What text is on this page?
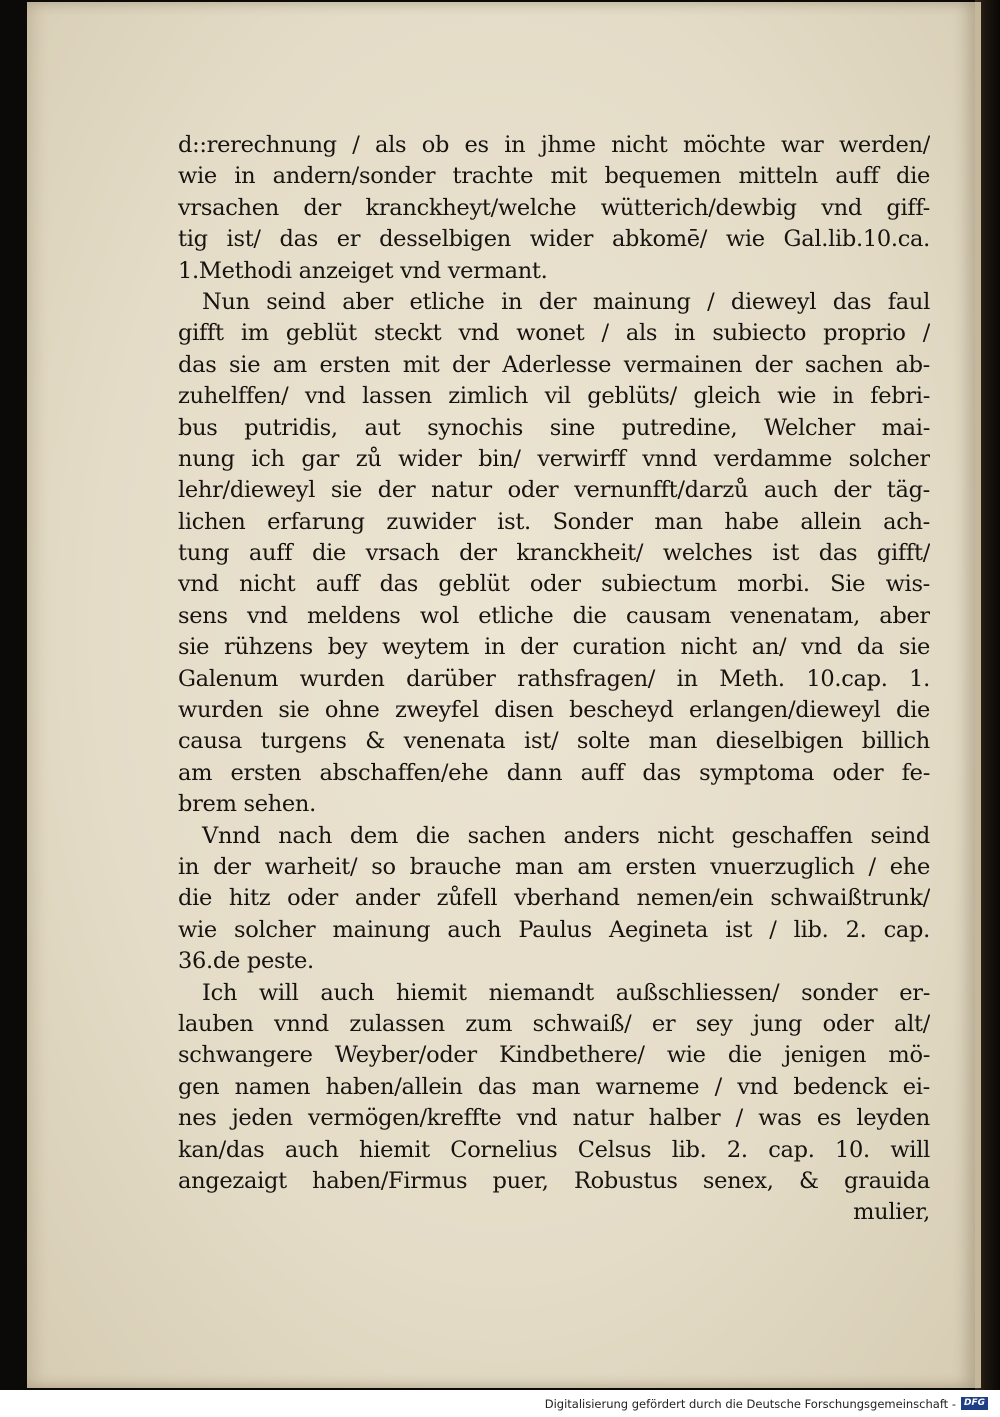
d::rerechnung / als ob es in jhme nicht möchte war werden/
wie in andern/sonder trachte mit bequemen mitteln auff die
vrsachen der kranckheyt/welche wütterich/dewbig vnd giff-
tig ist/ das er desselbigen wider abkomē/ wie Gal.lib.10.ca.
1.Methodi anzeiget vnd vermant.
Nun seind aber etliche in der mainung / dieweyl das faul
gifft im geblüt steckt vnd wonet / als in subiecto proprio /
das sie am ersten mit der Aderlesse vermainen der sachen ab-
zuhelffen/ vnd lassen zimlich vil geblüts/ gleich wie in febri-
bus putridis, aut synochis sine putredine, Welcher mai-
nung ich gar zů wider bin/ verwirff vnnd verdamme solcher
lehr/dieweyl sie der natur oder vernunfft/darzů auch der täg-
lichen erfarung zuwider ist. Sonder man habe allein ach-
tung auff die vrsach der kranckheit/ welches ist das gifft/
vnd nicht auff das geblüt oder subiectum morbi. Sie wis-
sens vnd meldens wol etliche die causam venenatam, aber
sie rühzens bey weytem in der curation nicht an/ vnd da sie
Galenum wurden darüber rathsfragen/ in Meth. 10.cap. 1.
wurden sie ohne zweyfel disen bescheyd erlangen/dieweyl die
causa turgens & venenata ist/ solte man dieselbigen billich
am ersten abschaffen/ehe dann auff das symptoma oder fe-
brem sehen.
Vnnd nach dem die sachen anders nicht geschaffen seind
in der warheit/ so brauche man am ersten vnuerzuglich / ehe
die hitz oder ander zůfell vberhand nemen/ein schwaißtrunk/
wie solcher mainung auch Paulus Aegineta ist / lib. 2. cap.
36.de peste.
Ich will auch hiemit niemandt außschliessen/ sonder er-
lauben vnnd zulassen zum schwaiß/ er sey jung oder alt/
schwangere Weyber/oder Kindbethere/ wie die jenigen mö-
gen namen haben/allein das man warneme / vnd bedenck ei-
nes jeden vermögen/kreffte vnd natur halber / was es leyden
kan/das auch hiemit Cornelius Celsus lib. 2. cap. 10. will
angezaigt haben/Firmus puer, Robustus senex, & grauida
mulier,
Digitalisierung gefördert durch die Deutsche Forschungsgemeinschaft - DFG
